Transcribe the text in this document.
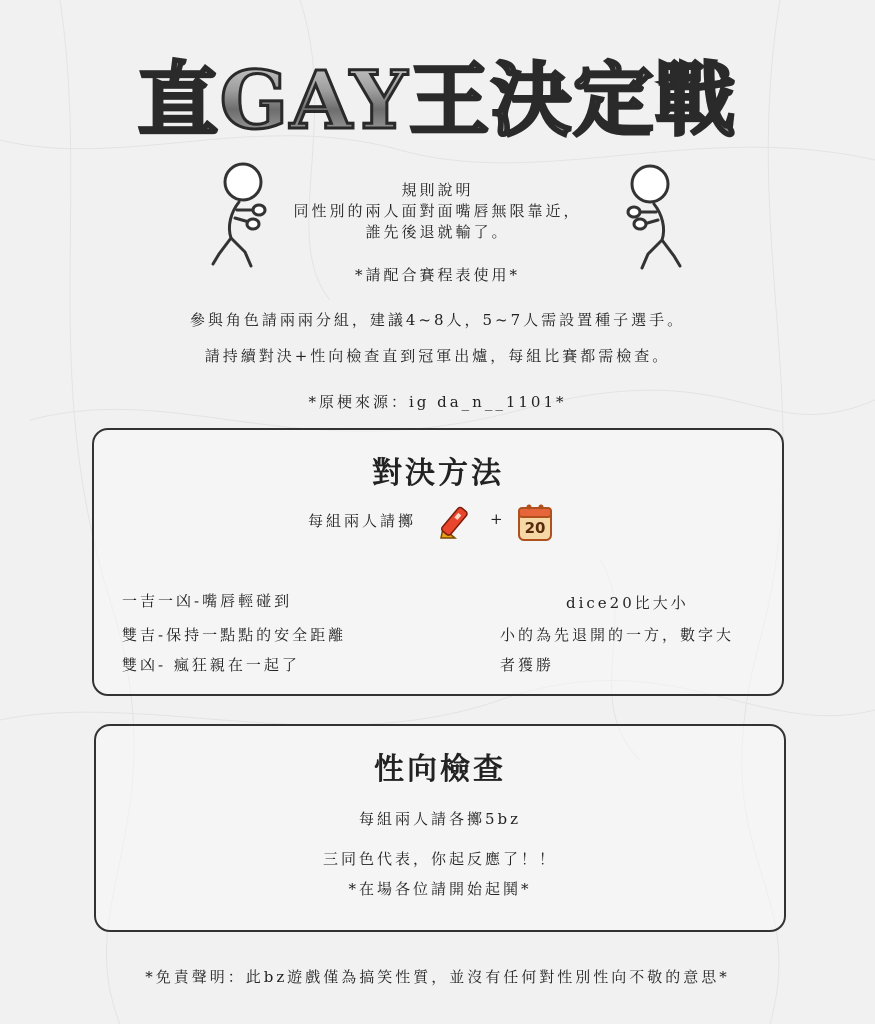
直GAY王決定戰
規則說明
同性別的兩人面對面嘴唇無限靠近，
誰先後退就輸了。
*請配合賽程表使用*
參與角色請兩兩分組，建議4~8人，5~7人需設置種子選手。
請持續對決+性向檢查直到冠軍出爐，每組比賽都需檢查。
*原梗來源：ig da_n__1101*
對決方法
每組兩人請擲	+	20
一吉一凶-嘴唇輕碰到
雙吉-保持一點點的安全距離
雙凶- 瘋狂親在一起了
dice20比大小
小的為先退開的一方，數字大
者獲勝
性向檢查
每組兩人請各擲5bz
三同色代表，你起反應了！！
*在場各位請開始起鬨*
*免責聲明：此bz遊戲僅為搞笑性質，並沒有任何對性別性向不敬的意思*
